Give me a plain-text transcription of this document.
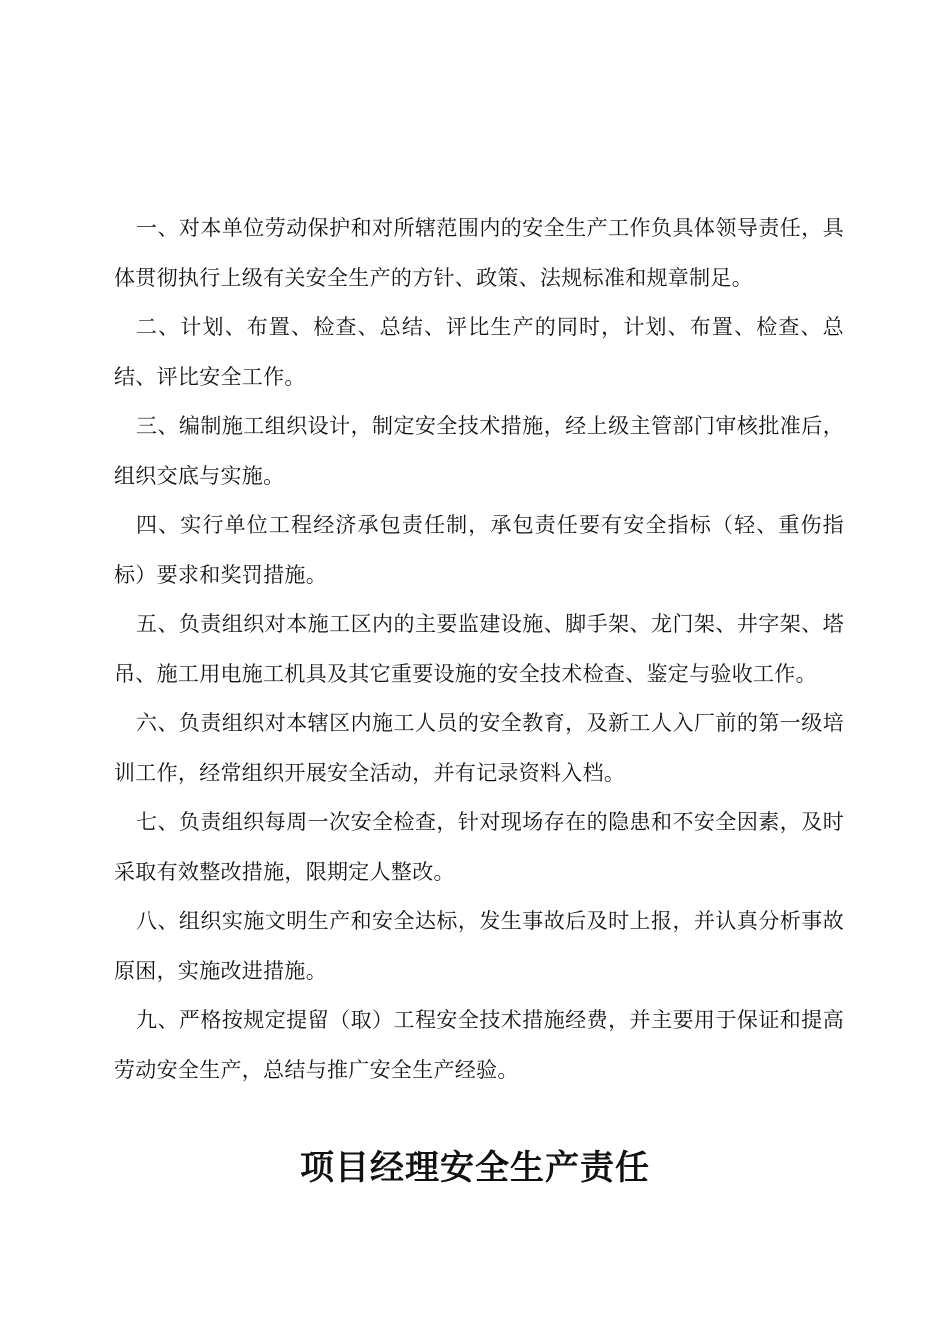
一、对本单位劳动保护和对所辖范围内的安全生产工作负具体领导责任，具体贯彻执行上级有关安全生产的方针、政策、法规标准和规章制足。

二、计划、布置、检查、总结、评比生产的同时，计划、布置、检查、总结、评比安全工作。

三、编制施工组织设计，制定安全技术措施，经上级主管部门审核批准后，组织交底与实施。

四、实行单位工程经济承包责任制，承包责任要有安全指标（轻、重伤指标）要求和奖罚措施。

五、负责组织对本施工区内的主要监建设施、脚手架、龙门架、井字架、塔吊、施工用电施工机具及其它重要设施的安全技术检查、鉴定与验收工作。

六、负责组织对本辖区内施工人员的安全教育，及新工人入厂前的第一级培训工作，经常组织开展安全活动，并有记录资料入档。

七、负责组织每周一次安全检查，针对现场存在的隐患和不安全因素，及时采取有效整改措施，限期定人整改。

八、组织实施文明生产和安全达标，发生事故后及时上报，并认真分析事故原困，实施改进措施。

九、严格按规定提留（取）工程安全技术措施经费，并主要用于保证和提高劳动安全生产，总结与推广安全生产经验。

项目经理安全生产责任
